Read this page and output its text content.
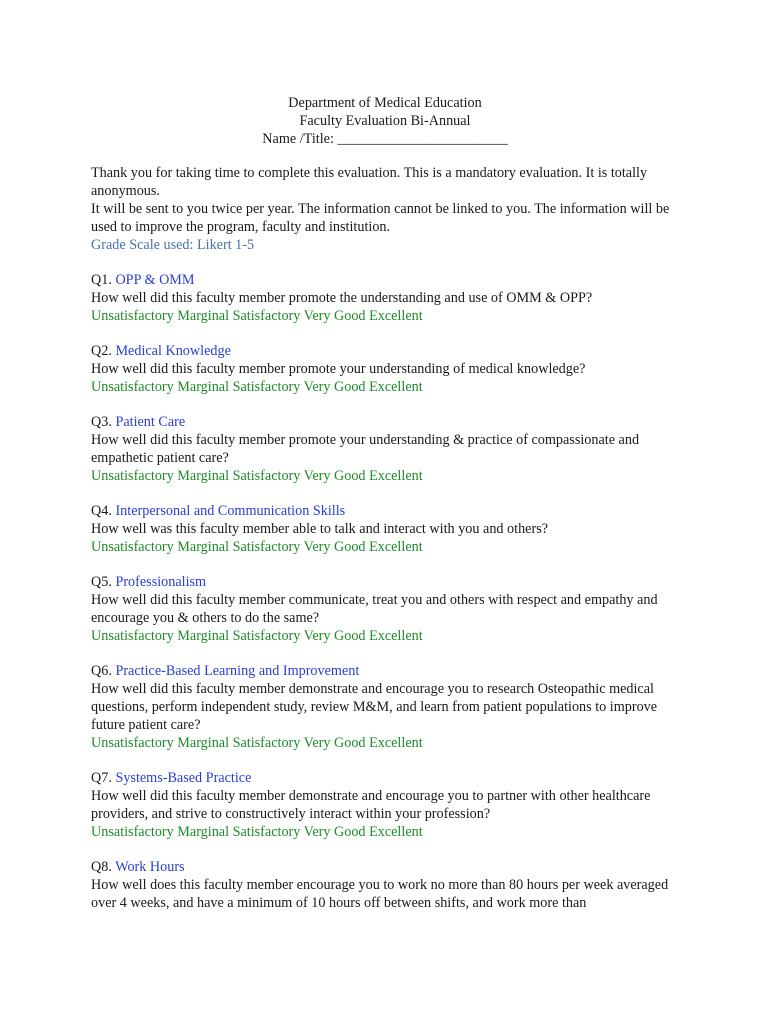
Department of Medical Education
Faculty Evaluation Bi-Annual
Name /Title: ________________________

Thank you for taking time to complete this evaluation. This is a mandatory evaluation. It is totally anonymous.

It will be sent to you twice per year. The information cannot be linked to you. The information will be used to improve the program, faculty and institution.

Grade Scale used: Likert 1-5

Q1. OPP & OMM

How well did this faculty member promote the understanding and use of OMM & OPP?

Unsatisfactory Marginal Satisfactory Very Good Excellent

Q2. Medical Knowledge

How well did this faculty member promote your understanding of medical knowledge?

Unsatisfactory Marginal Satisfactory Very Good Excellent

Q3. Patient Care

How well did this faculty member promote your understanding & practice of compassionate and empathetic patient care?

Unsatisfactory Marginal Satisfactory Very Good Excellent

Q4. Interpersonal and Communication Skills

How well was this faculty member able to talk and interact with you and others?

Unsatisfactory Marginal Satisfactory Very Good Excellent

Q5. Professionalism

How well did this faculty member communicate, treat you and others with respect and empathy and encourage you & others to do the same?

Unsatisfactory Marginal Satisfactory Very Good Excellent

Q6. Practice-Based Learning and Improvement

How well did this faculty member demonstrate and encourage you to research Osteopathic medical questions, perform independent study, review M&M, and learn from patient populations to improve future patient care?

Unsatisfactory Marginal Satisfactory Very Good Excellent

Q7. Systems-Based Practice

How well did this faculty member demonstrate and encourage you to partner with other healthcare providers, and strive to constructively interact within your profession?

Unsatisfactory Marginal Satisfactory Very Good Excellent

Q8. Work Hours

How well does this faculty member encourage you to work no more than 80 hours per week averaged over 4 weeks, and have a minimum of 10 hours off between shifts, and work more than
